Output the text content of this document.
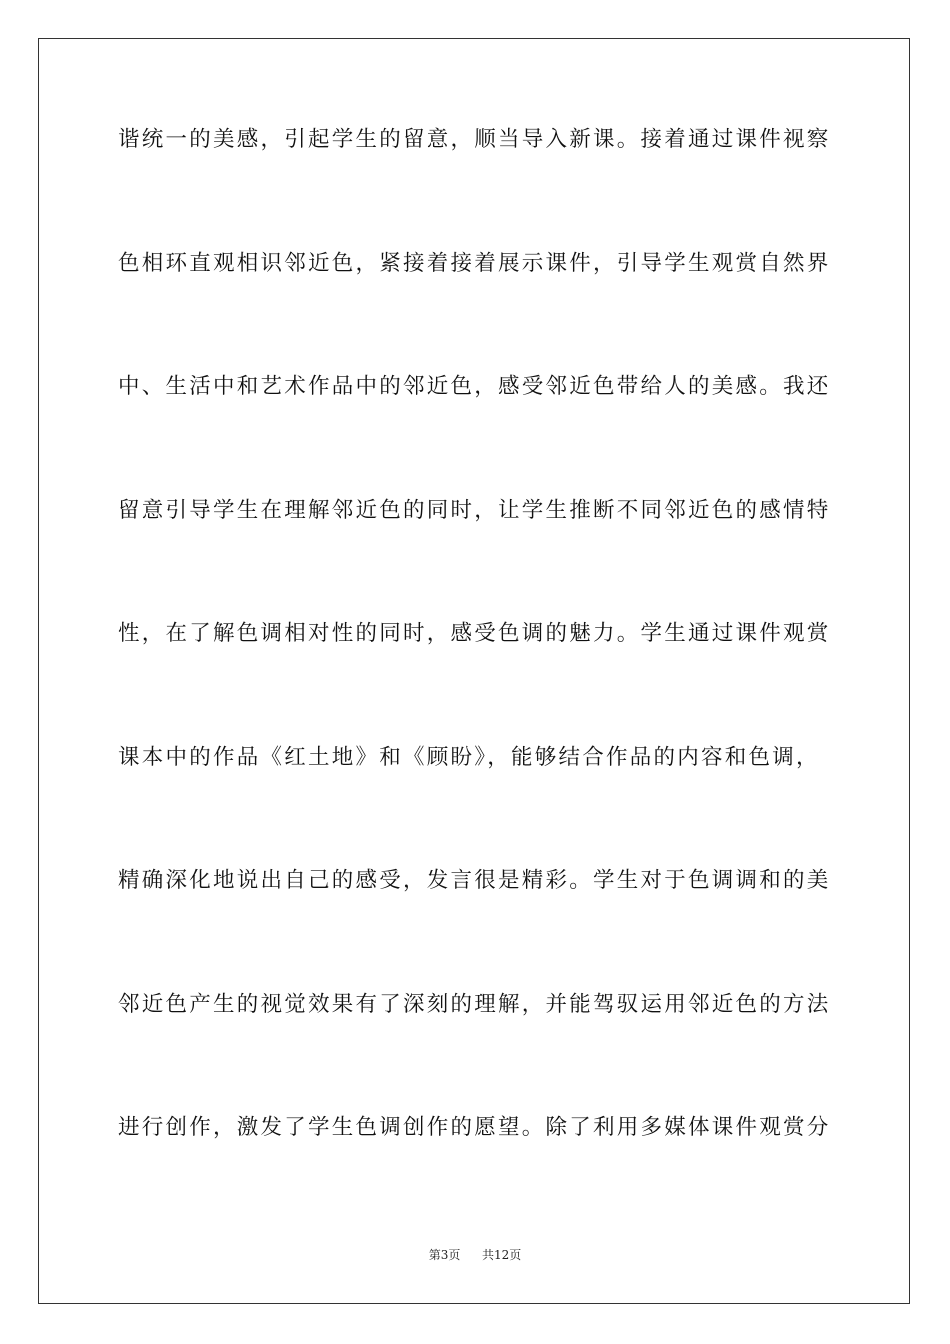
谐统一的美感，引起学生的留意，顺当导入新课。接着通过课件视察
色相环直观相识邻近色，紧接着接着展示课件，引导学生观赏自然界
中、生活中和艺术作品中的邻近色，感受邻近色带给人的美感。我还
留意引导学生在理解邻近色的同时，让学生推断不同邻近色的感情特
性，在了解色调相对性的同时，感受色调的魅力。学生通过课件观赏
课本中的作品《红土地》和《顾盼》，能够结合作品的内容和色调，
精确深化地说出自己的感受，发言很是精彩。学生对于色调调和的美
邻近色产生的视觉效果有了深刻的理解，并能驾驭运用邻近色的方法
进行创作，激发了学生色调创作的愿望。除了利用多媒体课件观赏分
第3页 共12页
